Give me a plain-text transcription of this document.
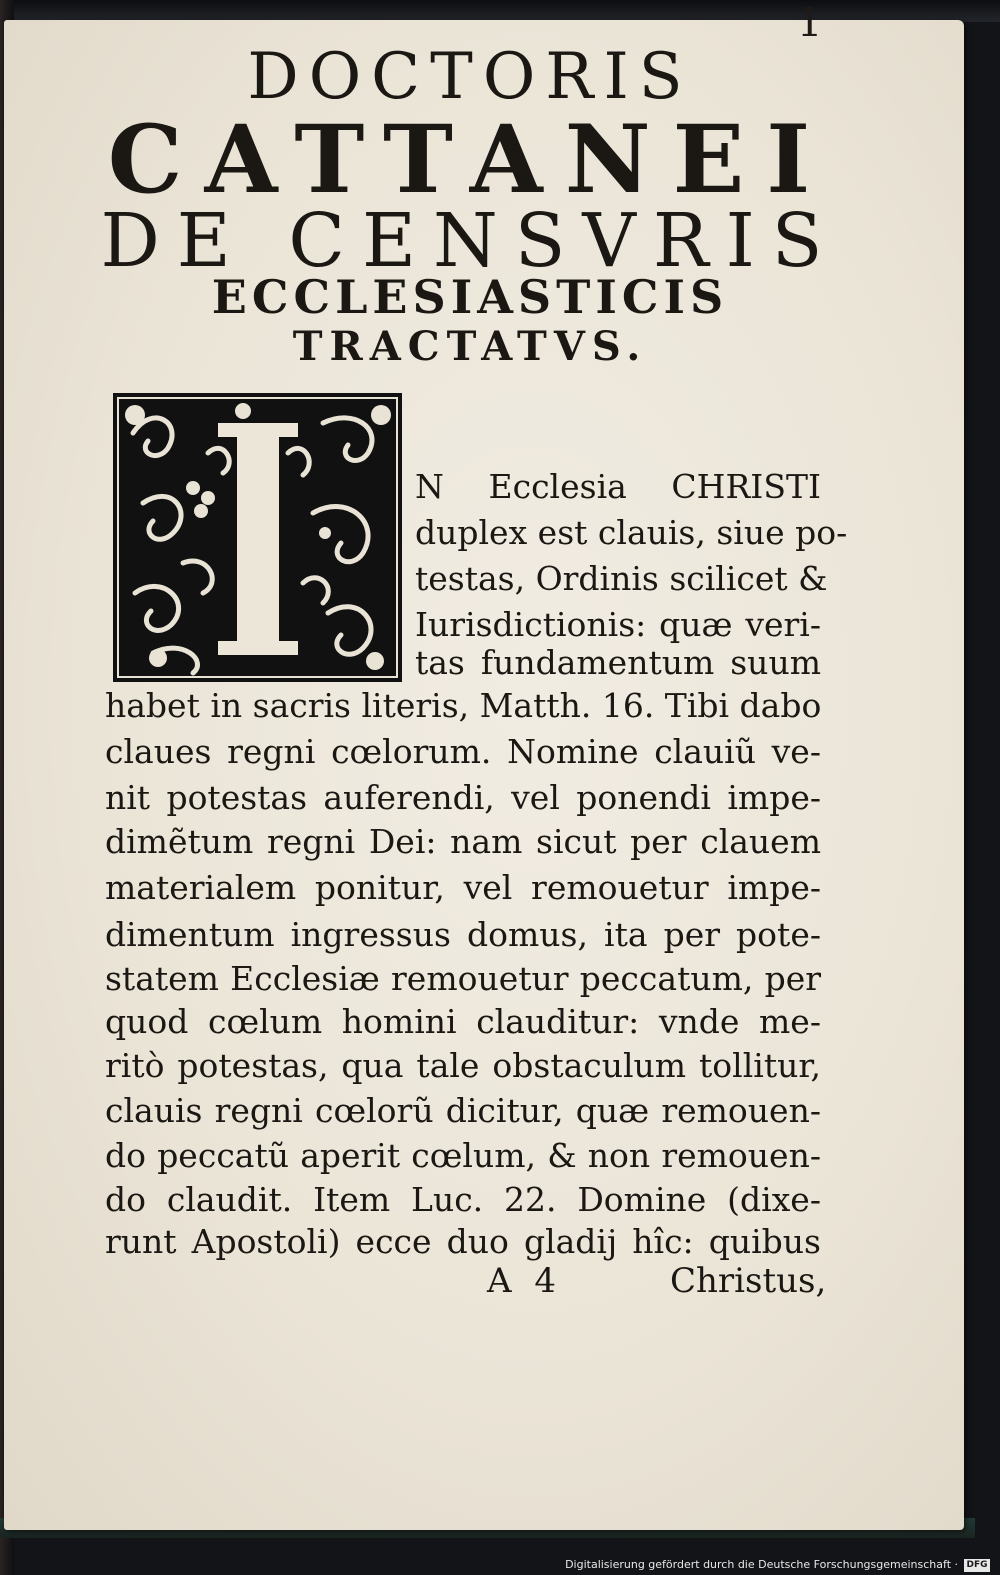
1
DOCTORIS
CATTANEI
DE CENSVRIS
ECCLESIASTICIS
TRACTATVS.
N Ecclesia CHRISTI
duplex est clauis, siue po-
testas, Ordinis scilicet &
Iurisdictionis: quæ veri-
tas fundamentum suum
habet in sacris literis, Matth. 16. Tibi dabo
claues regni cœlorum. Nomine clauiũ ve-
nit potestas auferendi, vel ponendi impe-
dimẽtum regni Dei: nam sicut per clauem
materialem ponitur, vel remouetur impe-
dimentum ingressus domus, ita per pote-
statem Ecclesiæ remouetur peccatum, per
quod cœlum homini clauditur: vnde me-
ritò potestas, qua tale obstaculum tollitur,
clauis regni cœlorũ dicitur, quæ remouen-
do peccatũ aperit cœlum, & non remouen-
do claudit. Item Luc. 22. Domine (dixe-
runt Apostoli) ecce duo gladij hîc: quibus
A 4	Christus,
Digitalisierung gefördert durch die Deutsche Forschungsgemeinschaft · DFG
